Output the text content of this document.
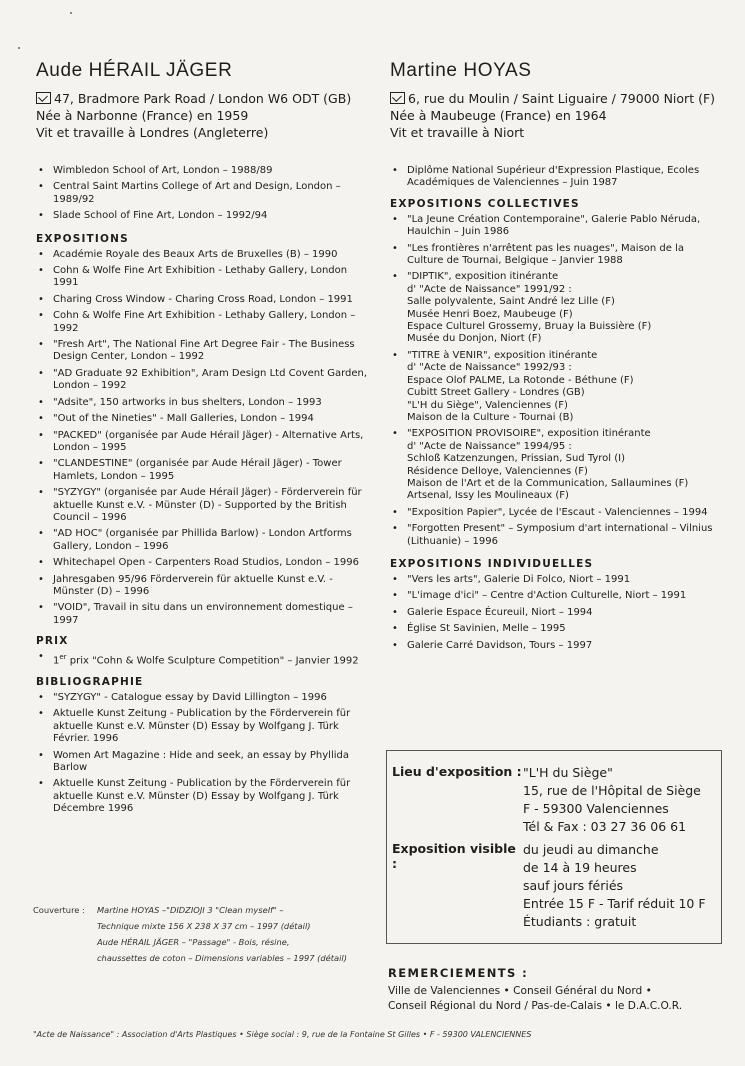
Aude HÉRAIL JÄGER
47, Bradmore Park Road / London W6 ODT (GB)
Née à Narbonne (France) en 1959
Vit et travaille à Londres (Angleterre)
• Wimbledon School of Art, London – 1988/89
• Central Saint Martins College of Art and Design, London – 1989/92
• Slade School of Fine Art, London – 1992/94
EXPOSITIONS
• Académie Royale des Beaux Arts de Bruxelles (B) – 1990
• Cohn & Wolfe Fine Art Exhibition - Lethaby Gallery, London 1991
• Charing Cross Window - Charing Cross Road, London – 1991
• Cohn & Wolfe Fine Art Exhibition - Lethaby Gallery, London – 1992
• "Fresh Art", The National Fine Art Degree Fair - The Business Design Center, London – 1992
• "AD Graduate 92 Exhibition", Aram Design Ltd Covent Garden, London – 1992
• "Adsite", 150 artworks in bus shelters, London – 1993
• "Out of the Nineties" - Mall Galleries, London – 1994
• "PACKED" (organisée par Aude Hérail Jäger) - Alternative Arts, London – 1995
• "CLANDESTINE" (organisée par Aude Hérail Jäger) - Tower Hamlets, London – 1995
• "SYZYGY" (organisée par Aude Hérail Jäger) - Förderverein für aktuelle Kunst e.V. - Münster (D) - Supported by the British Council – 1996
• "AD HOC" (organisée par Phillida Barlow) - London Artforms Gallery, London – 1996
• Whitechapel Open - Carpenters Road Studios, London – 1996
• Jahresgaben 95/96 Förderverein für aktuelle Kunst e.V. - Münster (D) – 1996
• "VOID", Travail in situ dans un environnement domestique – 1997
PRIX
• 1er prix "Cohn & Wolfe Sculpture Competition" – Janvier 1992
BIBLIOGRAPHIE
• "SYZYGY" - Catalogue essay by David Lillington – 1996
• Aktuelle Kunst Zeitung - Publication by the Förderverein für aktuelle Kunst e.V. Münster (D) Essay by Wolfgang J. Türk Février. 1996
• Women Art Magazine : Hide and seek, an essay by Phyllida Barlow
• Aktuelle Kunst Zeitung - Publication by the Förderverein für aktuelle Kunst e.V. Münster (D) Essay by Wolfgang J. Türk Décembre 1996
Martine HOYAS
6, rue du Moulin / Saint Liguaire / 79000 Niort (F)
Née à Maubeuge (France) en 1964
Vit et travaille à Niort
• Diplôme National Supérieur d'Expression Plastique, Ecoles Académiques de Valenciennes – Juin 1987
EXPOSITIONS COLLECTIVES
• "La Jeune Création Contemporaine", Galerie Pablo Néruda, Haulchin – Juin 1986
• "Les frontières n'arrêtent pas les nuages", Maison de la Culture de Tournai, Belgique – Janvier 1988
• "DIPTIK", exposition itinérante
d' "Acte de Naissance" 1991/92 :
Salle polyvalente, Saint André lez Lille (F)
Musée Henri Boez, Maubeuge (F)
Espace Culturel Grossemy, Bruay la Buissière (F)
Musée du Donjon, Niort (F)
• "TITRE à VENIR", exposition itinérante
d' "Acte de Naissance" 1992/93 :
Espace Olof PALME, La Rotonde - Béthune (F)
Cubitt Street Gallery - Londres (GB)
"L'H du Siège", Valenciennes (F)
Maison de la Culture - Tournai (B)
• "EXPOSITION PROVISOIRE", exposition itinérante
d' "Acte de Naissance" 1994/95 :
Schloß Katzenzungen, Prissian, Sud Tyrol (I)
Résidence Delloye, Valenciennes (F)
Maison de l'Art et de la Communication, Sallaumines (F)
Artsenal, Issy les Moulineaux (F)
• "Exposition Papier", Lycée de l'Escaut - Valenciennes – 1994
• "Forgotten Present" – Symposium d'art international – Vilnius (Lithuanie) – 1996
EXPOSITIONS INDIVIDUELLES
• "Vers les arts", Galerie Di Folco, Niort – 1991
• "L'image d'ici" – Centre d'Action Culturelle, Niort – 1991
• Galerie Espace Écureuil, Niort – 1994
• Église St Savinien, Melle – 1995
• Galerie Carré Davidson, Tours – 1997
Couverture : Martine HOYAS –"DIDZIOJI 3 "Clean myself" –
Technique mixte 156 X 238 X 37 cm – 1997 (détail)
Aude HÉRAIL JÄGER – "Passage" - Bois, résine,
chaussettes de coton – Dimensions variables – 1997 (détail)
Lieu d'exposition : "L'H du Siège"
15, rue de l'Hôpital de Siège
F - 59300 Valenciennes
Tél & Fax : 03 27 36 06 61
Exposition visible :
du jeudi au dimanche
de 14 à 19 heures
sauf jours fériés
Entrée 15 F - Tarif réduit 10 F
Étudiants : gratuit
REMERCIEMENTS :
Ville de Valenciennes • Conseil Général du Nord •
Conseil Régional du Nord / Pas-de-Calais • le D.A.C.O.R.
"Acte de Naissance" : Association d'Arts Plastiques • Siège social : 9, rue de la Fontaine St Gilles • F - 59300 VALENCIENNES
